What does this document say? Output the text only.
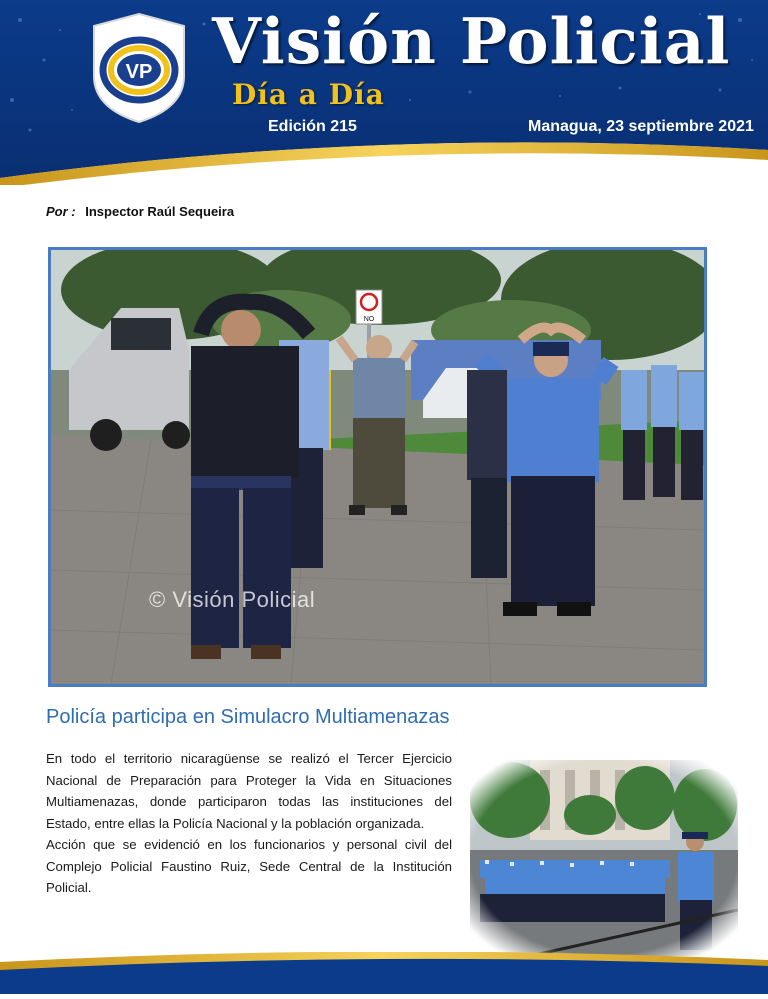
VP Visión Policial
Día a Día
Edición 215	Managua, 23 septiembre 2021
Por : Inspector Raúl Sequeira
NO
© Visión Policial
Policía participa en Simulacro Multiamenazas

En todo el territorio nicaragüense se realizó el Tercer Ejercicio Nacional de Preparación para Proteger la Vida en Situaciones Multiamenazas, donde participaron todas las instituciones del Estado, entre ellas la Policía Nacional y la población organizada.

Acción que se evidenció en los funcionarios y personal civil del Complejo Policial Faustino Ruiz, Sede Central de la Institución Policial.
